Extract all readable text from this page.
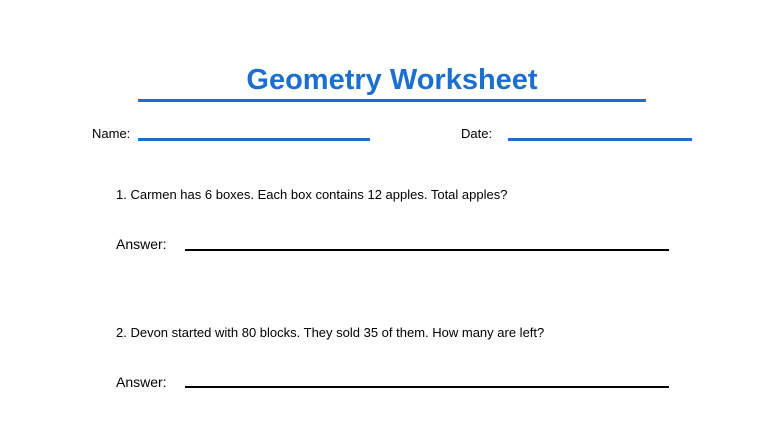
Geometry Worksheet
Name:	Date:
1. Carmen has 6 boxes. Each box contains 12 apples. Total apples?
Answer:
2. Devon started with 80 blocks. They sold 35 of them. How many are left?
Answer:
